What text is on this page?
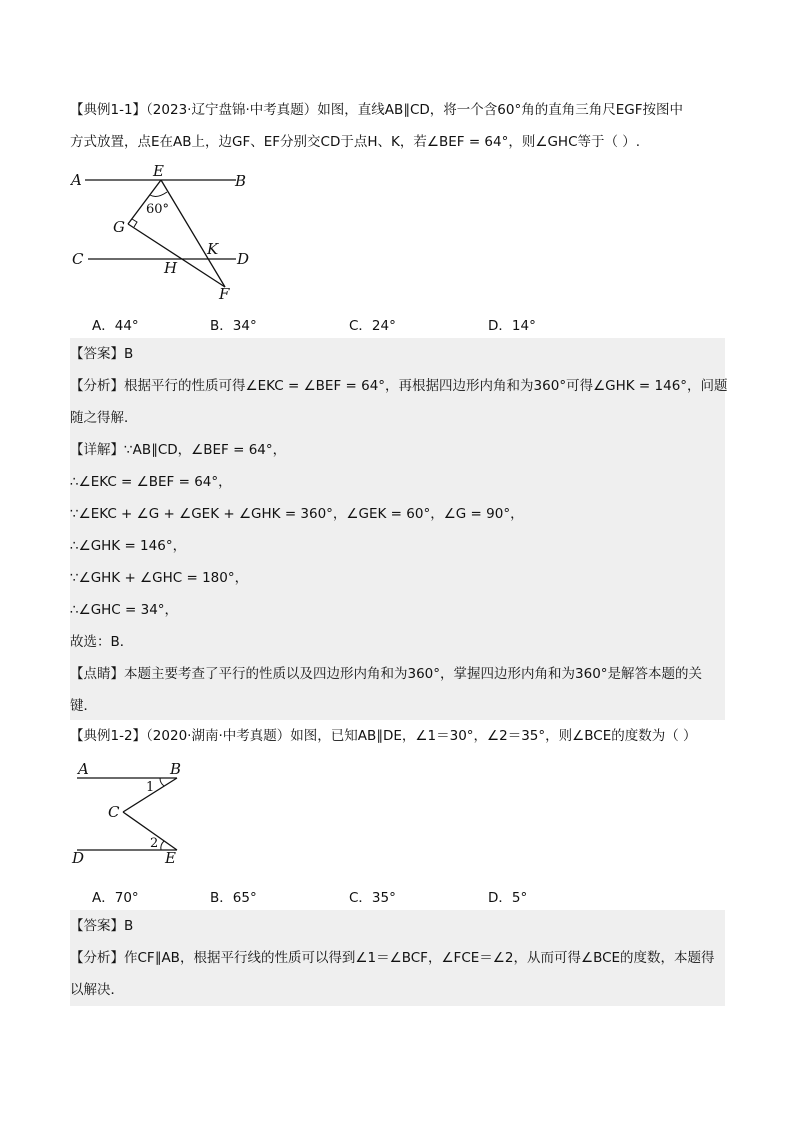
【典例1-1】（2023·辽宁盘锦·中考真题）如图，直线AB∥CD，将一个含60°角的直角三角尺EGF按图中
方式放置，点E在AB上，边GF、EF分别交CD于点H、K，若∠BEF = 64°，则∠GHC等于（ ）.
A	B
C	D
E
F
G
H
K
60°
A．44°	B．34°	C．24°	D．14°
【答案】B
【分析】根据平行的性质可得∠EKC = ∠BEF = 64°，再根据四边形内角和为360°可得∠GHK = 146°，问题
随之得解．
【详解】∵AB∥CD，∠BEF = 64°，
∴∠EKC = ∠BEF = 64°，
∵∠EKC + ∠G + ∠GEK + ∠GHK = 360°，∠GEK = 60°，∠G = 90°，
∴∠GHK = 146°，
∵∠GHK + ∠GHC = 180°，
∴∠GHC = 34°，
故选：B．
【点睛】本题主要考查了平行的性质以及四边形内角和为360°，掌握四边形内角和为360°是解答本题的关
键．
【典例1-2】（2020·湖南·中考真题）如图，已知AB∥DE，∠1＝30°，∠2＝35°，则∠BCE的度数为（ ）
A	B
C
D	E
1
2
A．70°	B．65°	C．35°	D．5°
【答案】B
【分析】作CF∥AB，根据平行线的性质可以得到∠1＝∠BCF，∠FCE＝∠2，从而可得∠BCE的度数，本题得
以解决．
